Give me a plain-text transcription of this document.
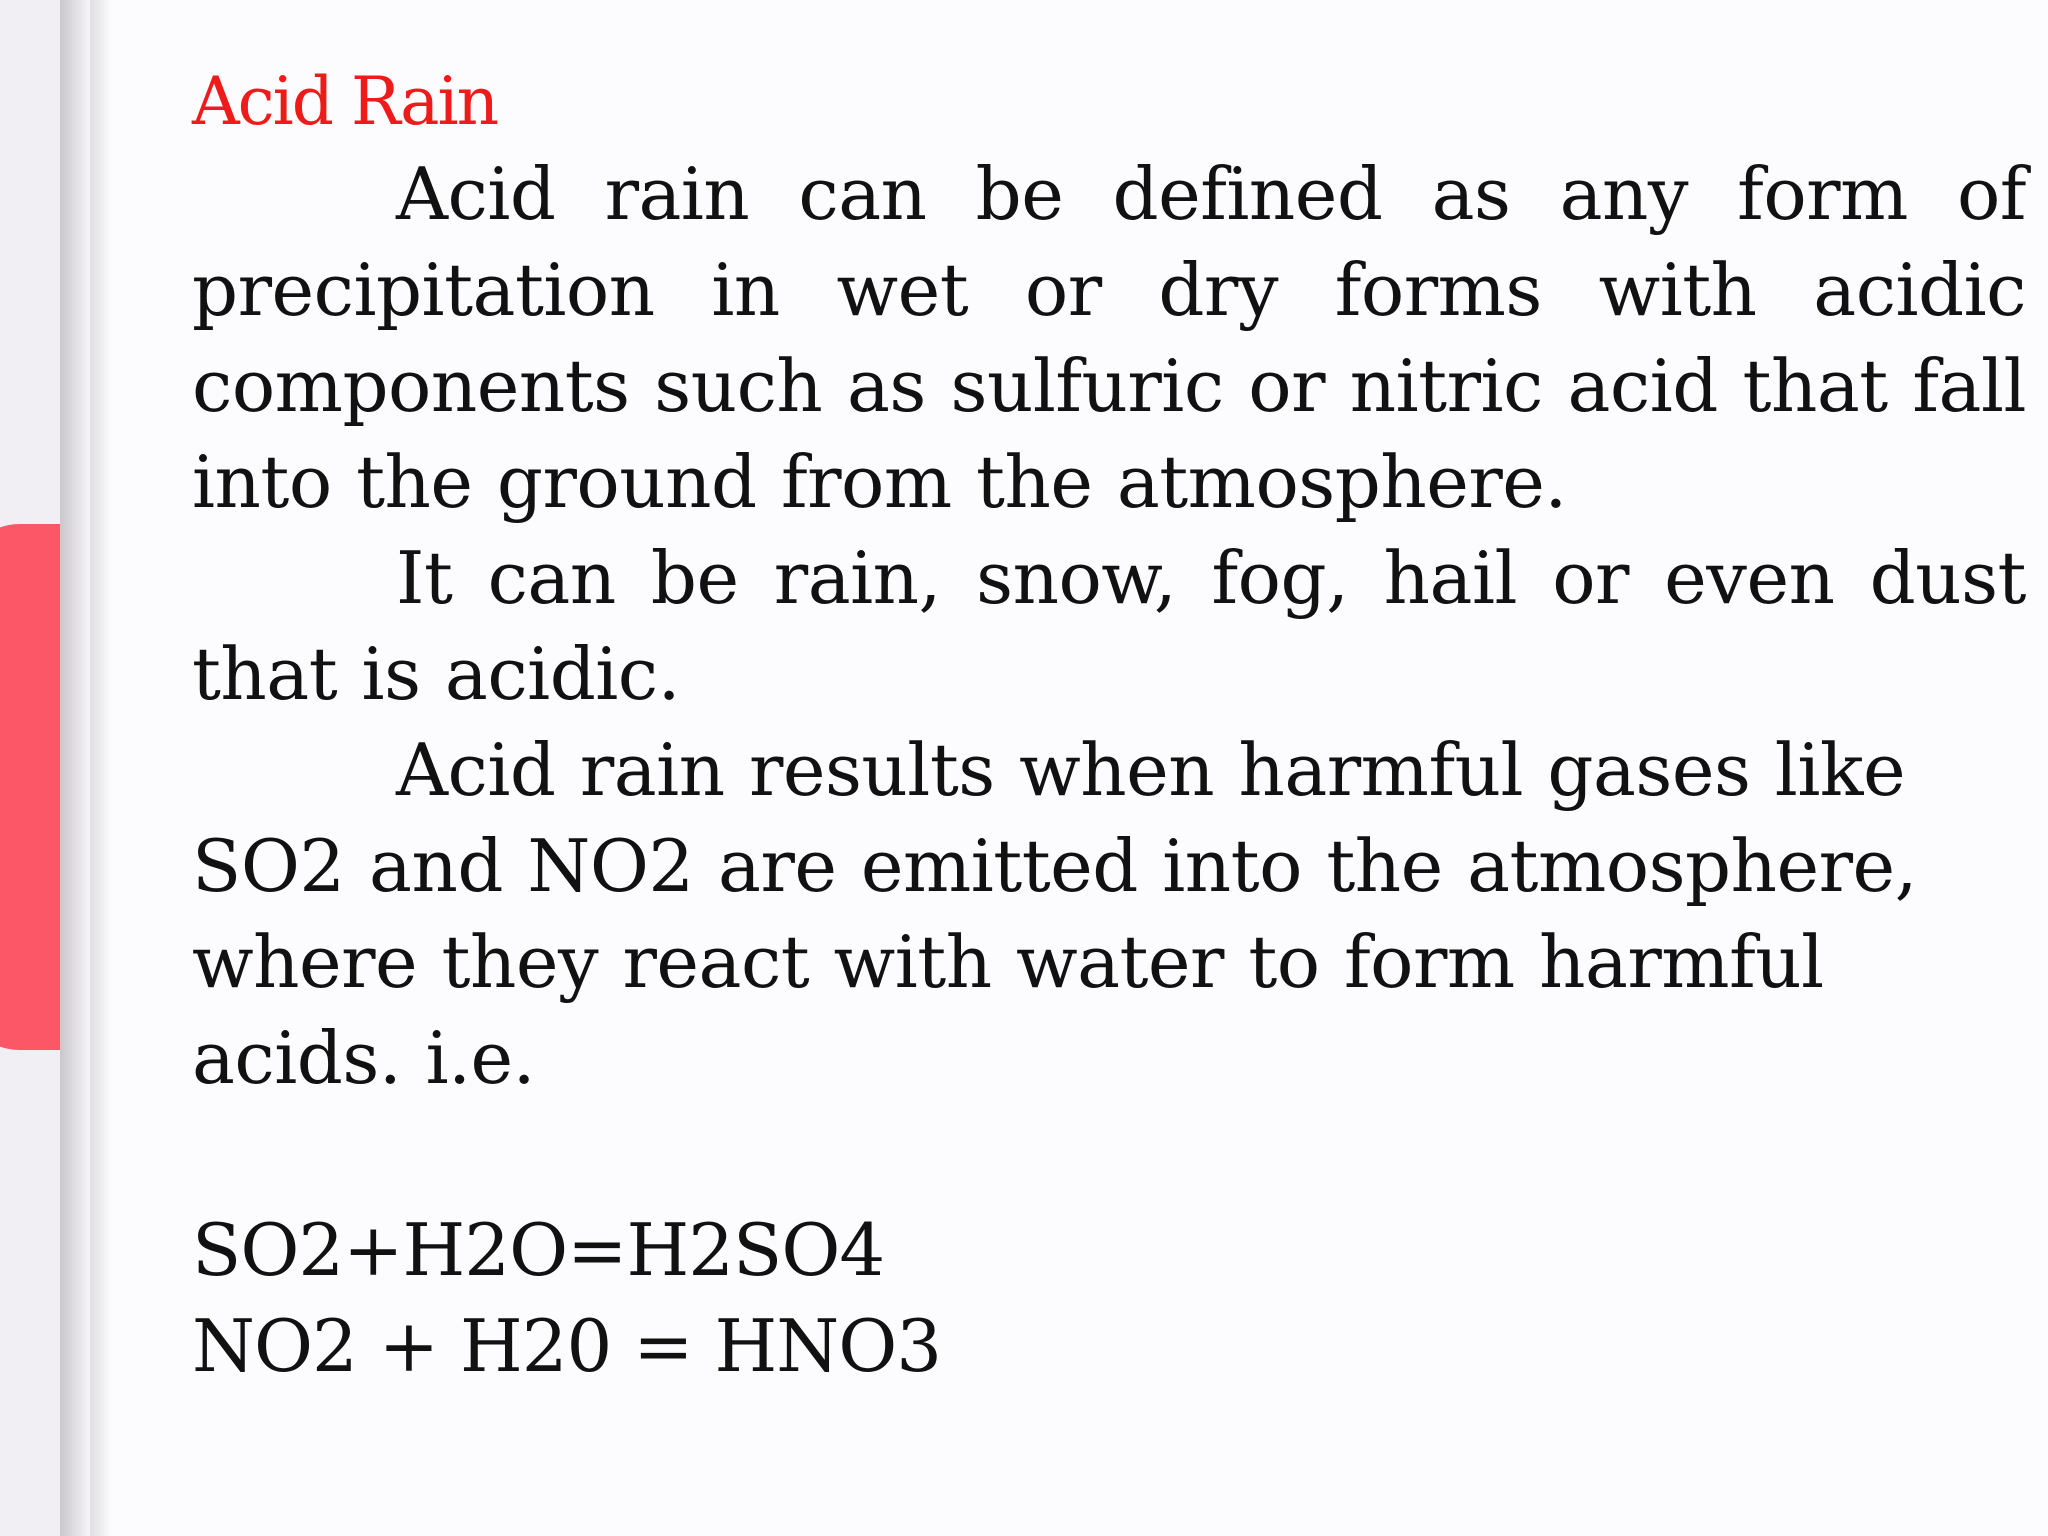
Acid Rain

Acid rain can be defined as any form of precipitation in wet or dry forms with acidic components such as sulfuric or nitric acid that fall into the ground from the atmosphere.

It can be rain, snow, fog, hail or even dust that is acidic.

Acid rain results when harmful gases like SO2 and NO2 are emitted into the atmosphere, where they react with water to form harmful acids. i.e.

SO2+H2O=H2SO4

NO2 + H20 = HNO3
